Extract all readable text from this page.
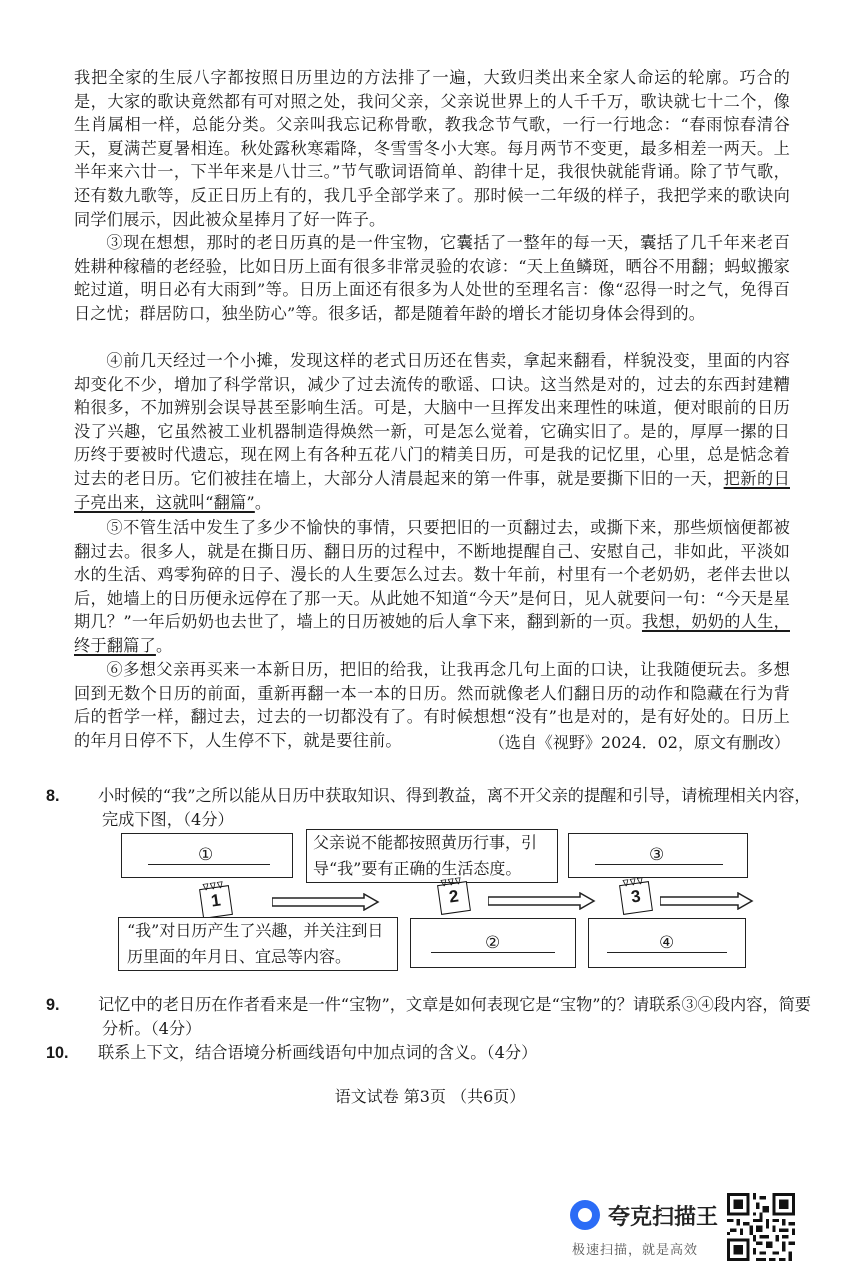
我把全家的生辰八字都按照日历里边的方法排了一遍，大致归类出来全家人命运的轮廓。巧合的是，大家的歌诀竟然都有可对照之处，我问父亲，父亲说世界上的人千千万，歌诀就七十二个，像生肖属相一样，总能分类。父亲叫我忘记称骨歌，教我念节气歌，一行一行地念：“春雨惊春清谷天，夏满芒夏暑相连。秋处露秋寒霜降，冬雪雪冬小大寒。每月两节不变更，最多相差一两天。上半年来六廿一，下半年来是八廿三。”节气歌词语简单、韵律十足，我很快就能背诵。除了节气歌，还有数九歌等，反正日历上有的，我几乎全部学来了。那时候一二年级的样子，我把学来的歌诀向同学们展示，因此被众星捧月了好一阵子。

③现在想想，那时的老日历真的是一件宝物，它囊括了一整年的每一天，囊括了几千年来老百姓耕种稼穑的老经验，比如日历上面有很多非常灵验的农谚：“天上鱼鳞斑，晒谷不用翻；蚂蚁搬家蛇过道，明日必有大雨到”等。日历上面还有很多为人处世的至理名言：像“忍得一时之气，免得百日之忧；群居防口，独坐防心”等。很多话，都是随着年龄的增长才能切身体会得到的。

④前几天经过一个小摊，发现这样的老式日历还在售卖，拿起来翻看，样貌没变，里面的内容却变化不少，增加了科学常识，减少了过去流传的歌谣、口诀。这当然是对的，过去的东西封建糟粕很多，不加辨别会误导甚至影响生活。可是，大脑中一旦挥发出来理性的味道，便对眼前的日历没了兴趣，它虽然被工业机器制造得焕然一新，可是怎么觉着，它确实旧了。是的，厚厚一摞的日历终于要被时代遗忘，现在网上有各种五花八门的精美日历，可是我的记忆里，心里，总是惦念着过去的老日历。它们被挂在墙上，大部分人清晨起来的第一件事，就是要撕下旧的一天，把新的日子亮出来，这就叫“翻篇”。

⑤不管生活中发生了多少不愉快的事情，只要把旧的一页翻过去，或撕下来，那些烦恼便都被翻过去。很多人，就是在撕日历、翻日历的过程中，不断地提醒自己、安慰自己，非如此，平淡如水的生活、鸡零狗碎的日子、漫长的人生要怎么过去。数十年前，村里有一个老奶奶，老伴去世以后，她墙上的日历便永远停在了那一天。从此她不知道“今天”是何日，见人就要问一句：“今天是星期几？”一年后奶奶也去世了，墙上的日历被她的后人拿下来，翻到新的一页。我想，奶奶的人生，终于翻篇了。

⑥多想父亲再买来一本新日历，把旧的给我，让我再念几句上面的口诀，让我随便玩去。多想回到无数个日历的前面，重新再翻一本一本的日历。然而就像老人们翻日历的动作和隐藏在行为背后的哲学一样，翻过去，过去的一切都没有了。有时候想想“没有”也是对的，是有好处的。日历上的年月日停不下，人生停不下，就是要往前。	（选自《视野》2024．02，原文有删改）

8. 小时候的“我”之所以能从日历中获取知识、得到教益，离不开父亲的提醒和引导，请梳理相关内容，完成下图，（4分）

①
父亲说不能都按照黄历行事，引导“我”要有正确的生活态度。
③
ᐁᐁᐁ
1
ᐁᐁᐁ
2
ᐁᐁᐁ
3
“我”对日历产生了兴趣，并关注到日历里面的年月日、宜忌等内容。
②	④

9. 记忆中的老日历在作者看来是一件“宝物”，文章是如何表现它是“宝物”的？请联系③④段内容，简要分析。（4分）

10. 联系上下文，结合语境分析画线语句中加点词的含义。（4分）

语文试卷 第3页 （共6页）
夸克扫描王
极速扫描，就是高效
